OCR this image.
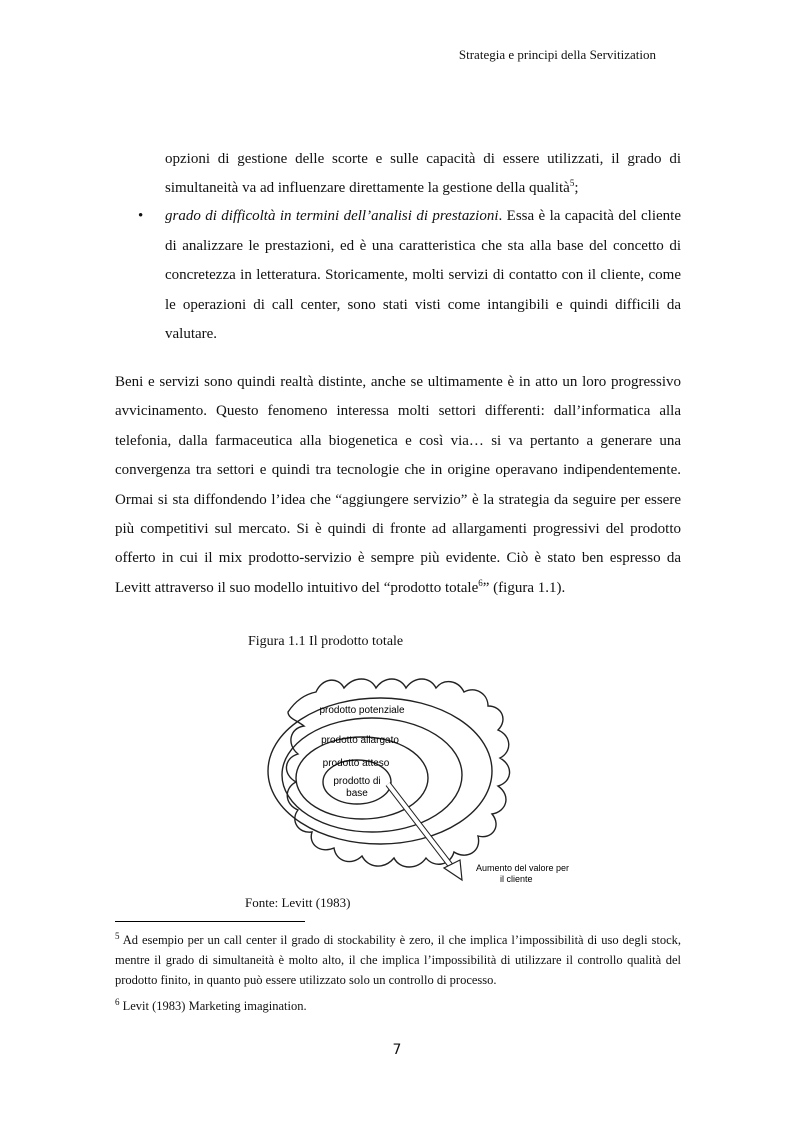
Strategia e principi della Servitization

opzioni di gestione delle scorte e sulle capacità di essere utilizzati, il grado di simultaneità va ad influenzare direttamente la gestione della qualità$^5$;

• grado di difficoltà in termini dell’analisi di prestazioni. Essa è la capacità del cliente di analizzare le prestazioni, ed è una caratteristica che sta alla base del concetto di concretezza in letteratura. Storicamente, molti servizi di contatto con il cliente, come le operazioni di call center, sono stati visti come intangibili e quindi difficili da valutare.

Beni e servizi sono quindi realtà distinte, anche se ultimamente è in atto un loro progressivo avvicinamento. Questo fenomeno interessa molti settori differenti: dall’informatica alla telefonia, dalla farmaceutica alla biogenetica e così via… si va pertanto a generare una convergenza tra settori e quindi tra tecnologie che in origine operavano indipendentemente. Ormai si sta diffondendo l’idea che “aggiungere servizio” è la strategia da seguire per essere più competitivi sul mercato. Si è quindi di fronte ad allargamenti progressivi del prodotto offerto in cui il mix prodotto-servizio è sempre più evidente. Ciò è stato ben espresso da Levitt attraverso il suo modello intuitivo del “prodotto totale$^6$” (figura 1.1).

Figura 1.1 Il prodotto totale
prodotto potenziale
prodotto allargato
prodotto atteso
prodotto di
base
Aumento del valore per
il cliente
Fonte: Levitt (1983)
$^5$ Ad esempio per un call center il grado di stockability è zero, il che implica l’impossibilità di uso degli stock, mentre il grado di simultaneità è molto alto, il che implica l’impossibilità di utilizzare il controllo qualità del prodotto finito, in quanto può essere utilizzato solo un controllo di processo.
$^6$ Levit (1983) Marketing imagination.
7
